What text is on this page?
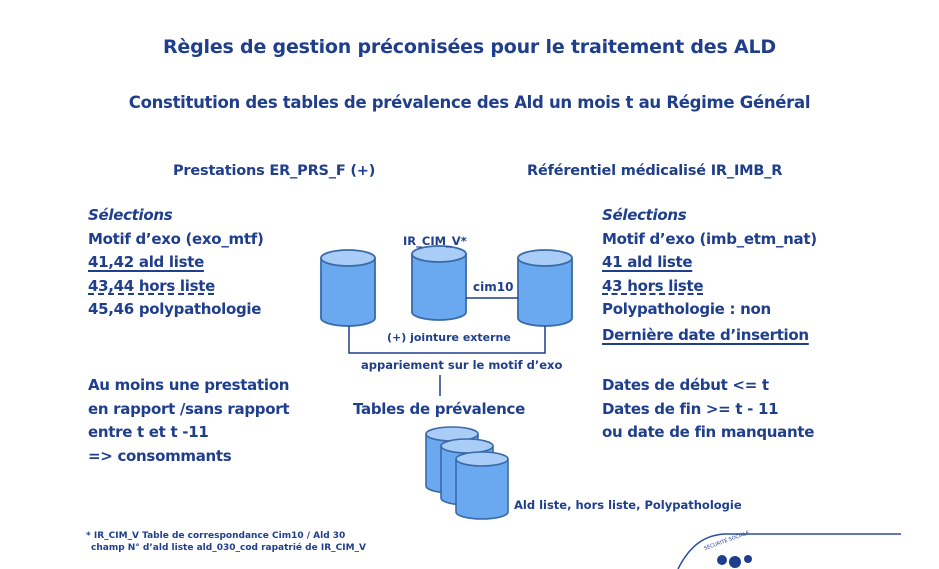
Règles de gestion préconisées pour le traitement des ALD
Constitution des tables de prévalence des Ald un mois t au Régime Général
Prestations ER_PRS_F (+)	Référentiel médicalisé IR_IMB_R
Sélections
Motif d’exo (exo_mtf)
41,42 ald liste
43,44 hors liste
45,46 polypathologie
Sélections
Motif d’exo (imb_etm_nat)
41 ald liste
43 hors liste
Polypathologie : non
Dernière date d’insertion
Au moins une prestation
en rapport /sans rapport
entre t et t -11
=> consommants
Dates de début <= t
Dates de fin >= t - 11
ou date de fin manquante
IR_CIM_V*
cim10
(+) jointure externe
appariement sur le motif d’exo
Tables de prévalence
Ald liste, hors liste, Polypathologie
* IR_CIM_V Table de correspondance Cim10 / Ald 30
champ N° d’ald liste ald_030_cod rapatrié de IR_CIM_V	SÉCURITÉ SOCIALE
